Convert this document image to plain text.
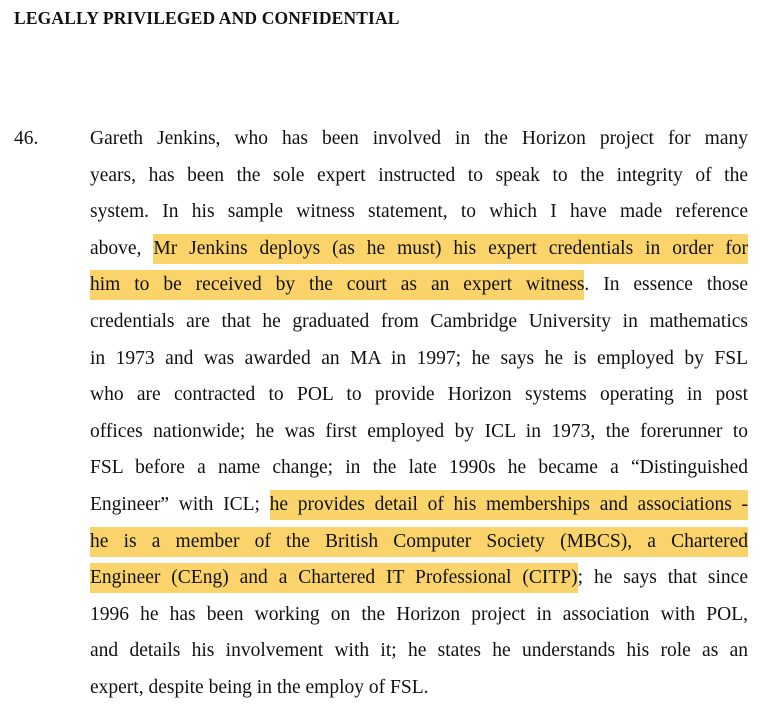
LEGALLY PRIVILEGED AND CONFIDENTIAL
46.	Gareth Jenkins, who has been involved in the Horizon project for many
years, has been the sole expert instructed to speak to the integrity of the
system. In his sample witness statement, to which I have made reference
above, Mr Jenkins deploys (as he must) his expert credentials in order for
him to be received by the court as an expert witness. In essence those
credentials are that he graduated from Cambridge University in mathematics
in 1973 and was awarded an MA in 1997; he says he is employed by FSL
who are contracted to POL to provide Horizon systems operating in post
offices nationwide; he was first employed by ICL in 1973, the forerunner to
FSL before a name change; in the late 1990s he became a “Distinguished
Engineer” with ICL; he provides detail of his memberships and associations -
he is a member of the British Computer Society (MBCS), a Chartered
Engineer (CEng) and a Chartered IT Professional (CITP); he says that since
1996 he has been working on the Horizon project in association with POL,
and details his involvement with it; he states he understands his role as an
expert, despite being in the employ of FSL.
